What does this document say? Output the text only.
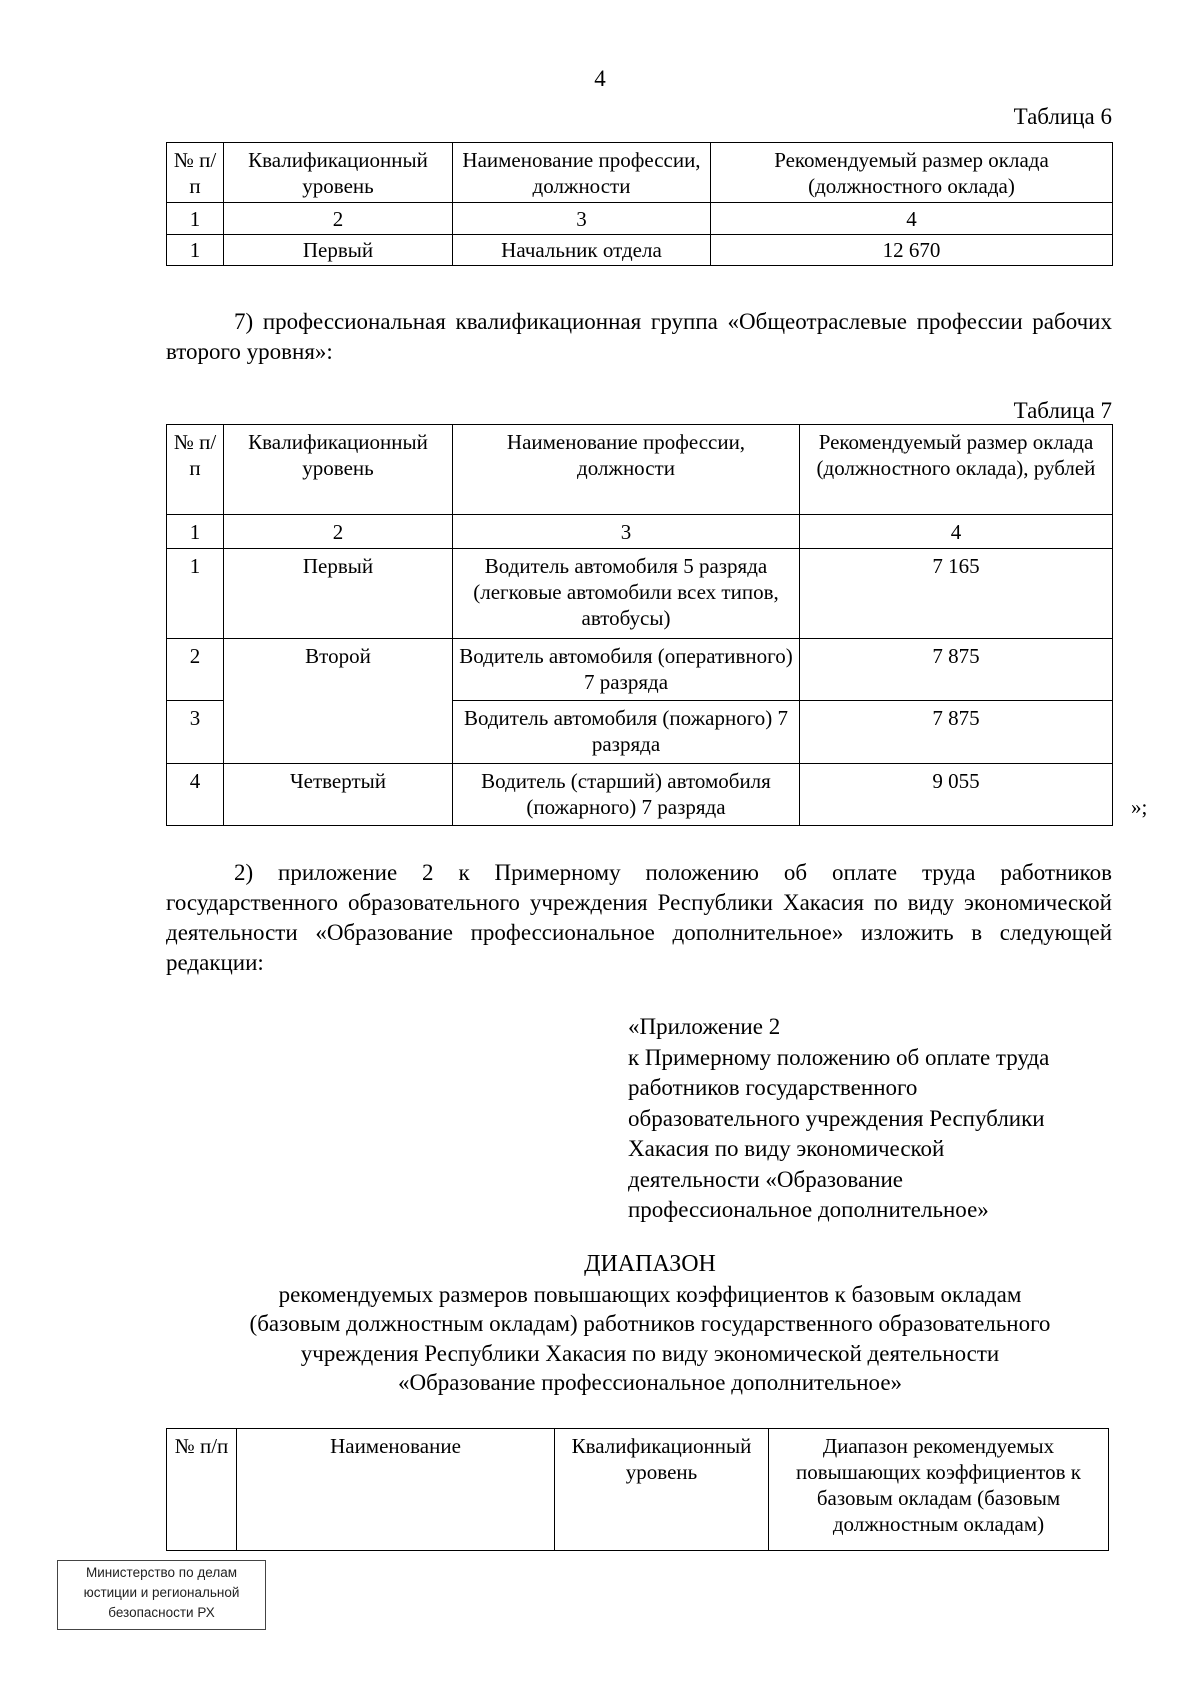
4
Таблица 6
№ п/п	Квалификационный уровень	Наименование профессии, должности	Рекомендуемый размер оклада (должностного оклада)
1	2	3	4
1	Первый	Начальник отдела	12 670
7) профессиональная квалификационная группа «Общеотраслевые профессии рабочих второго уровня»:
Таблица 7
№ п/п	Квалификационный уровень	Наименование профессии, должности	Рекомендуемый размер оклада (должностного оклада), рублей
1	2	3	4
1	Первый	Водитель автомобиля 5 разряда (легковые автомобили всех типов, автобусы)	7 165
2	Второй	Водитель автомобиля (оперативного) 7 разряда	7 875
3		Водитель автомобиля (пожарного) 7 разряда	7 875
4	Четвертый	Водитель (старший) автомобиля (пожарного) 7 разряда	9 055
»;
2) приложение 2 к Примерному положению об оплате труда работников государственного образовательного учреждения Республики Хакасия по виду экономической деятельности «Образование профессиональное дополнительное» изложить в следующей редакции:
«Приложение 2
к Примерному положению об оплате труда
работников государственного
образовательного учреждения Республики
Хакасия по виду экономической
деятельности «Образование
профессиональное дополнительное»
ДИАПАЗОН
рекомендуемых размеров повышающих коэффициентов к базовым окладам
(базовым должностным окладам) работников государственного образовательного
учреждения Республики Хакасия по виду экономической деятельности
«Образование профессиональное дополнительное»
№ п/п	Наименование	Квалификационный уровень	Диапазон рекомендуемых повышающих коэффициентов к базовым окладам (базовым должностным окладам)
Министерство по делам
юстиции и региональной
безопасности РХ
